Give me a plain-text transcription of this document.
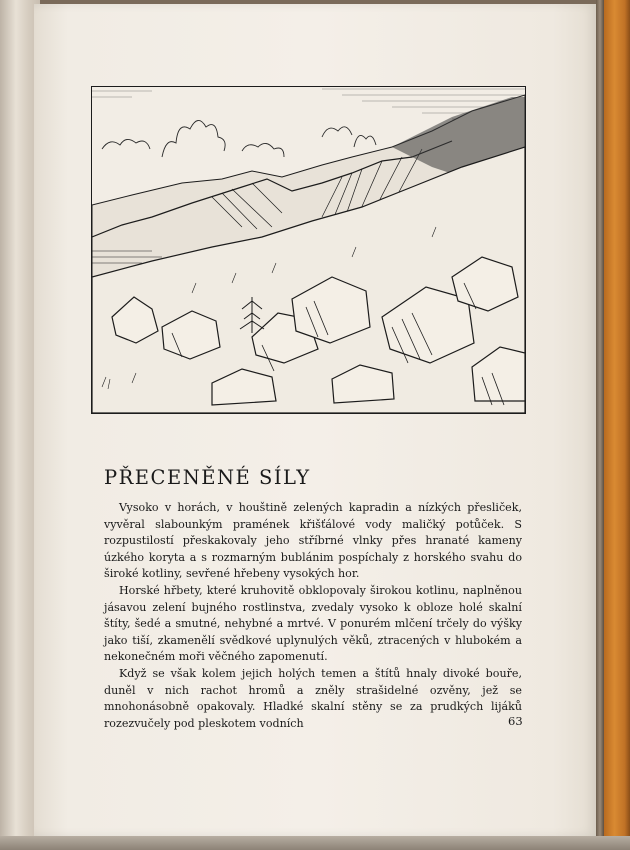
PŘECENĚNÉ SÍLY

Vysoko v horách, v houštině zelených kapradin a nízkých přesliček, vyvěral slabounkým pramének křišťálové vody maličký potůček. S rozpustilostí přeskakovaly jeho stříbrné vlnky přes hranaté kameny úzkého koryta a s rozmarným bublánim pospíchaly z horského svahu do široké kotliny, sevřené hřebeny vysokých hor.

Horské hřbety, které kruhovitě obklopovaly širokou kotlinu, naplněnou jásavou zelení bujného rostlinstva, zvedaly vysoko k obloze holé skalní štíty, šedé a smutné, nehybné a mrtvé. V ponurém mlčení trčely do výšky jako tiší, zkamenělí svědkové uplynulých věků, ztracených v hlubokém a nekonečném moři věčného zapomenutí.

Když se však kolem jejich holých temen a štítů hnaly divoké bouře, duněl v nich rachot hromů a zněly strašidelné ozvěny, jež se mnohonásobně opakovaly. Hladké skalní stěny se za prudkých lijáků rozezvučely pod pleskotem vodních	63
